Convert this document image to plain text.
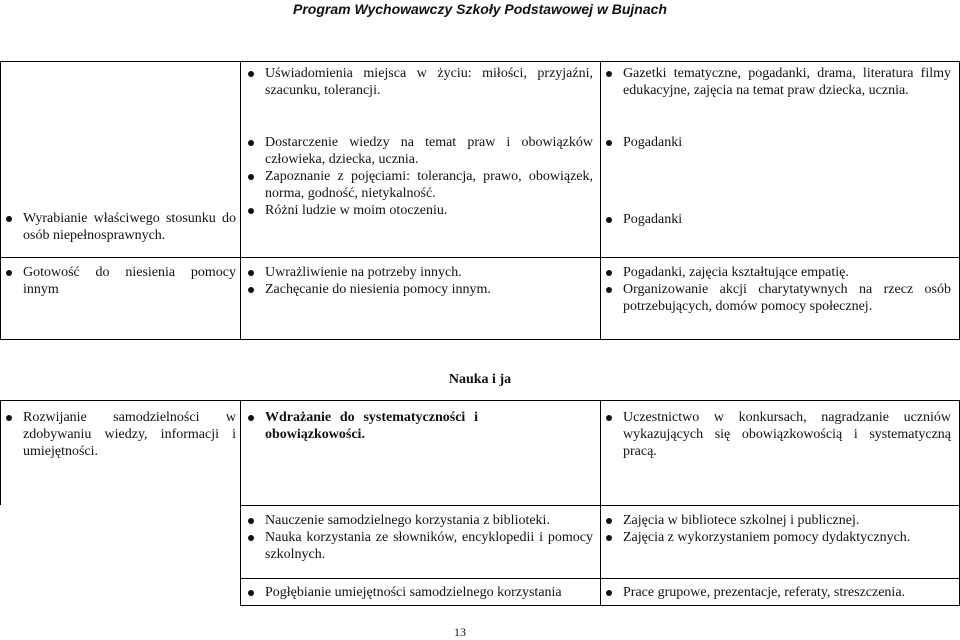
Program Wychowawczy Szkoły Podstawowej w Bujnach
Uświadomienia miejsca w życiu: miłości, przyjaźni, szacunku, tolerancji.
Gazetki tematyczne, pogadanki, drama, literatura filmy edukacyjne, zajęcia na temat praw dziecka, ucznia.
Wyrabianie właściwego stosunku do osób niepełnosprawnych.
Dostarczenie wiedzy na temat praw i obowiązków człowieka, dziecka, ucznia.
Zapoznanie z pojęciami: tolerancja, prawo, obowiązek, norma, godność, nietykalność.
Różni ludzie w moim otoczeniu.
Pogadanki
Pogadanki
Gotowość do niesienia pomocy innym
Uwrażliwienie na potrzeby innych.
Zachęcanie do niesienia pomocy innym.
Pogadanki, zajęcia kształtujące empatię.
Organizowanie akcji charytatywnych na rzecz osób potrzebujących, domów pomocy społecznej.
Nauka i ja
Rozwijanie samodzielności w zdobywaniu wiedzy, informacji i umiejętności.
Wdrażanie do systematyczności i obowiązkowości.
Uczestnictwo w konkursach, nagradzanie uczniów wykazujących się obowiązkowością i systematyczną pracą.
Nauczenie samodzielnego korzystania z biblioteki.
Nauka korzystania ze słowników, encyklopedii i pomocy szkolnych.
Zajęcia w bibliotece szkolnej i publicznej.
Zajęcia z wykorzystaniem pomocy dydaktycznych.
Pogłębianie umiejętności samodzielnego korzystania	Prace grupowe, prezentacje, referaty, streszczenia.
13
